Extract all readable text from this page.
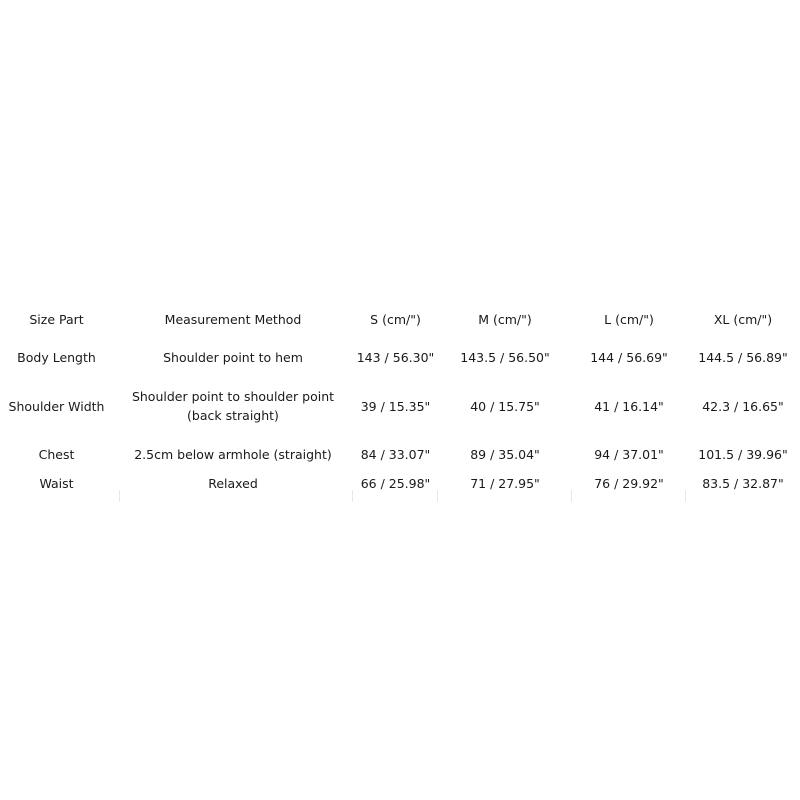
Size Part	Measurement Method	S (cm/")	M (cm/")	L (cm/")	XL (cm/")
Body Length	Shoulder point to hem	143 / 56.30"	143.5 / 56.50"	144 / 56.69"	144.5 / 56.89"
Shoulder Width	Shoulder point to shoulder point (back straight)	39 / 15.35"	40 / 15.75"	41 / 16.14"	42.3 / 16.65"
Chest	2.5cm below armhole (straight)	84 / 33.07"	89 / 35.04"	94 / 37.01"	101.5 / 39.96"
Waist	Relaxed	66 / 25.98"	71 / 27.95"	76 / 29.92"	83.5 / 32.87"
